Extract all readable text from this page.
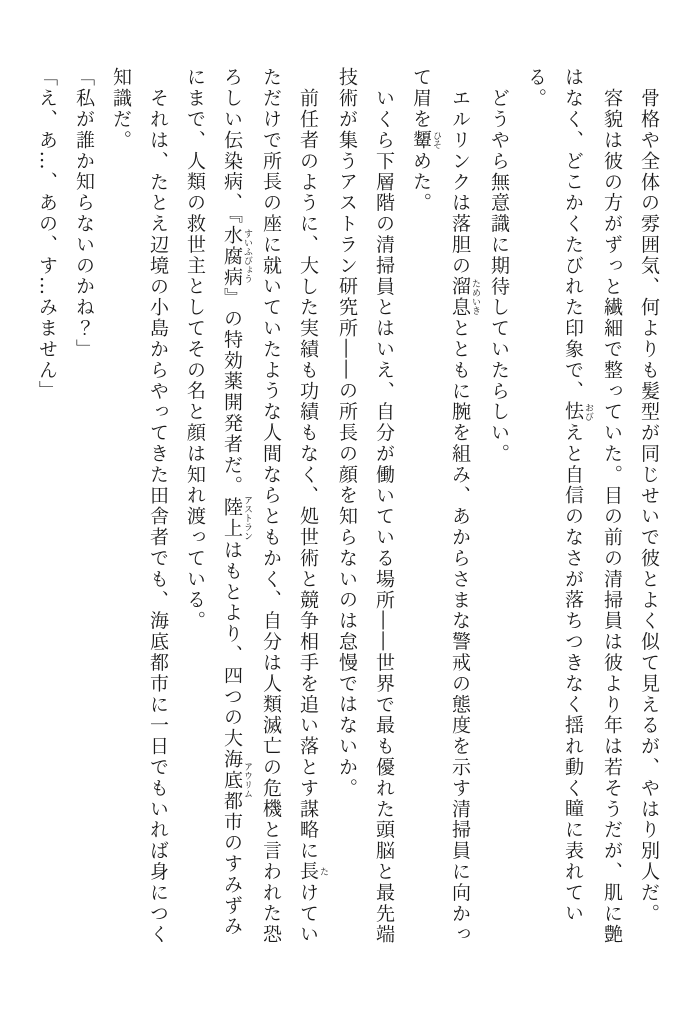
骨格や全体の雰囲気、何よりも髪型が同じせいで彼とよく似て見えるが、やはり別人だ。

容貌は彼の方がずっと繊細で整っていた。目の前の清掃員は彼より年は若そうだが、肌に艶

はなく、どこかくたびれた印象で、怯 おびえと自信のなさが落ちつきなく揺れ動く瞳に表れてい

る。

どうやら無意識に期待していたらしい。

エルリンクは落胆の溜息 ためいきとともに腕を組み、あからさまな警戒の態度を示す清掃員に向かっ

て眉を顰 ひそめた。

いくら下層階の清掃員とはいえ、自分が働いている場所――世界で最も優れた頭脳と最先端

技術が集うアストラン研究所――の所長の顔を知らないのは怠慢ではないか。

前任者のように、大した実績も功績もなく、処世術と競争相手を追い落とす謀略に長 たけてい

ただけで所長の座に就いていたような人間ならともかく、自分は人類滅亡の危機と言われた恐

ろしい伝染病、『水腐病 すいふびょう』の特効薬開発者だ。陸上 アストランはもとより、四つの大海底都市 アウリムのすみずみ

にまで、人類の救世主としてその名と顔は知れ渡っている。

それは、たとえ辺境の小島からやってきた田舎者でも、海底都市に一日でもいれば身につく

知識だ。

「私が誰か知らないのかね？」

「え、あ…、あの、す…みません」
